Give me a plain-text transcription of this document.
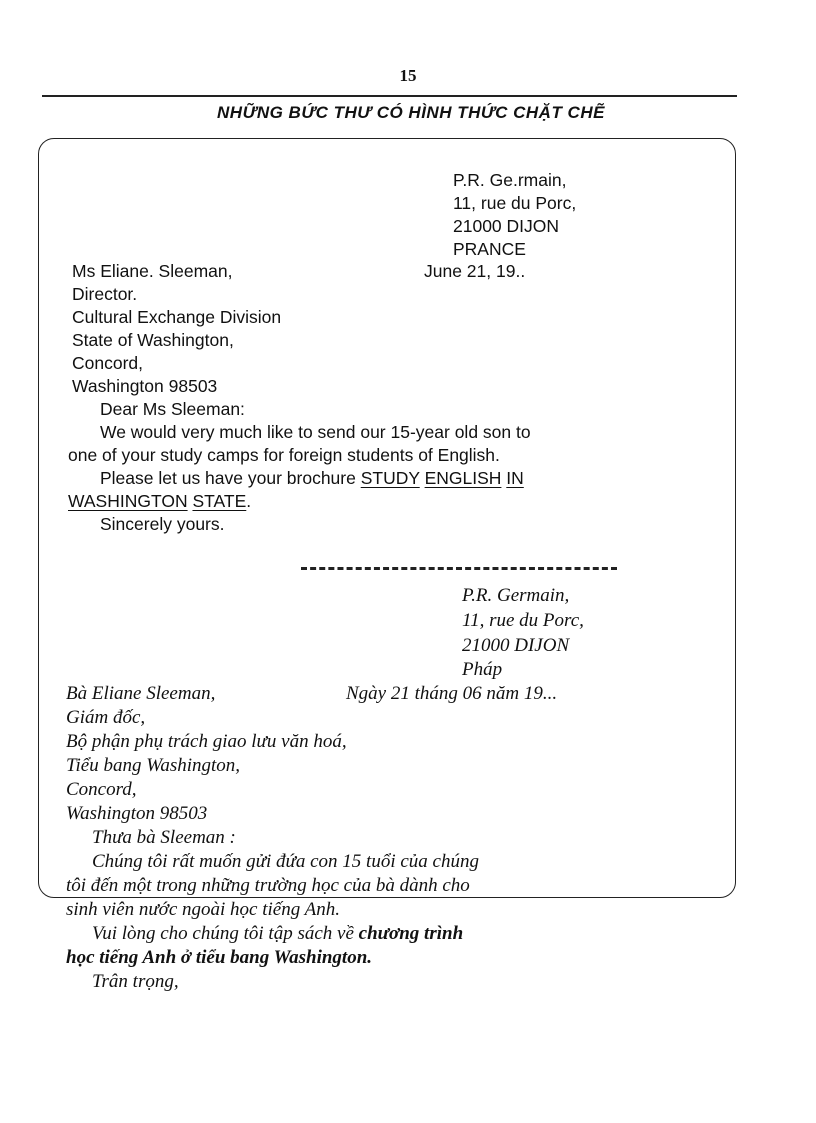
15
NHỮNG BỨC THƯ CÓ HÌNH THỨC CHẶT CHẼ
P.R. Ge.rmain,
11, rue du Porc,
21000 DIJON
PRANCE
Ms Eliane. Sleeman,	June 21, 19..
Director.
Cultural Exchange Division
State of Washington,
Concord,
Washington 98503
Dear Ms Sleeman:
We would very much like to send our 15-year old son to
one of your study camps for foreign students of English.
Please let us have your brochure STUDY ENGLISH IN
WASHINGTON STATE.
Sincerely yours.
P.R. Germain,
11, rue du Porc,
21000 DIJON
Pháp
Bà Eliane Sleeman,	Ngày 21 tháng 06 năm 19...
Giám đốc,
Bộ phận phụ trách giao lưu văn hoá,
Tiểu bang Washington,
Concord,
Washington 98503
Thưa bà Sleeman :
Chúng tôi rất muốn gửi đứa con 15 tuổi của chúng
tôi đến một trong những trường học của bà dành cho
sinh viên nước ngoài học tiếng Anh.
Vui lòng cho chúng tôi tập sách về chương trình
học tiếng Anh ở tiểu bang Washington.
Trân trọng,
